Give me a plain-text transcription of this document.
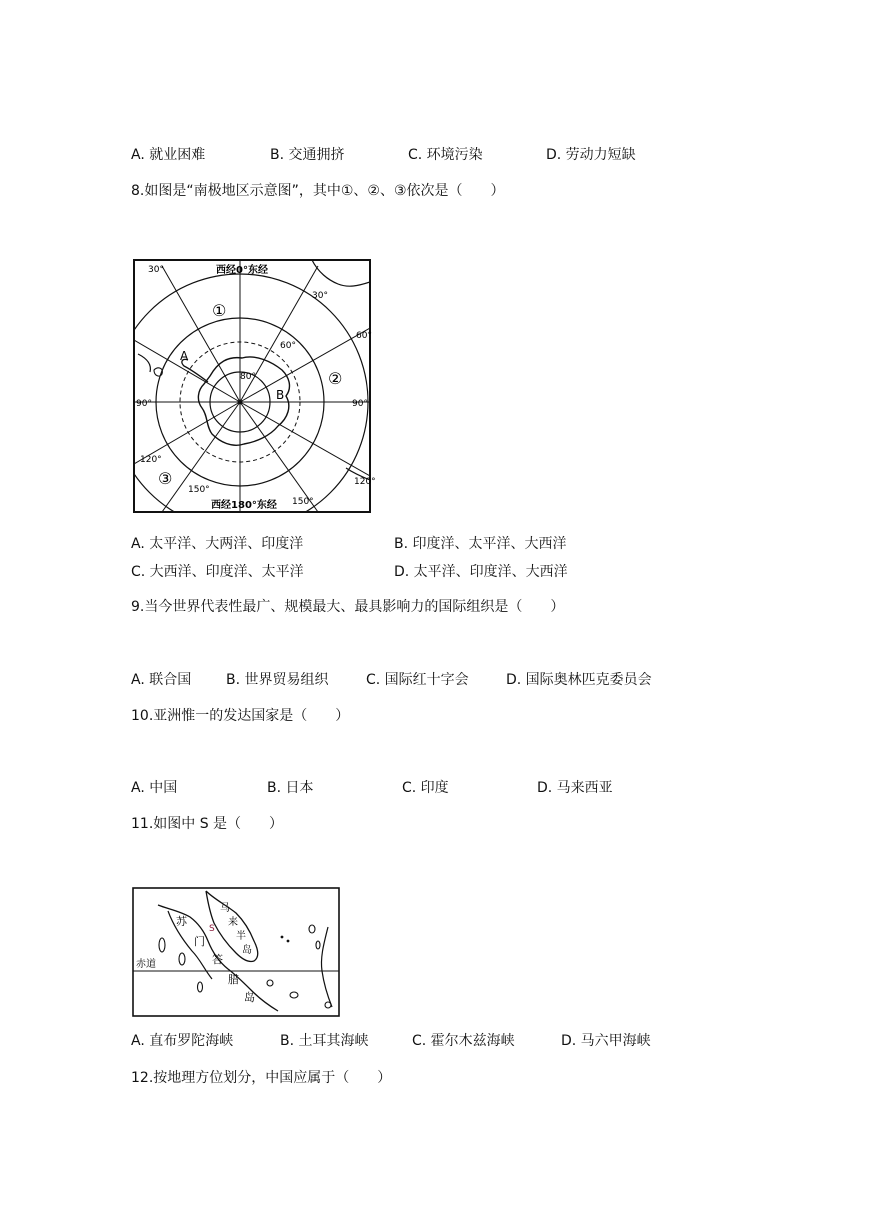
A. 就业困难	B. 交通拥挤	C. 环境污染	D. 劳动力短缺
8.如图是“南极地区示意图”，其中①、②、③依次是（　　）
西经0°东经
西经180°东经
①
②
③
A
B
80°
60°
30°
30°
60°
90°	90°
120°
120°
150°
150°
A. 太平洋、大两洋、印度洋	B. 印度洋、太平洋、大西洋
C. 大西洋、印度洋、太平洋	D. 太平洋、印度洋、大西洋
9.当今世界代表性最广、规模最大、最具影响力的国际组织是（　　）
A. 联合国 B. 世界贸易组织	C. 国际红十字会	D. 国际奥林匹克委员会
10.亚洲惟一的发达国家是（　　）
A. 中国	B. 日本	C. 印度	D. 马来西亚
11.如图中 S 是（　　）
赤道
S
苏
门
答
腊
岛
马
来
半
岛
A. 直布罗陀海峡	B. 土耳其海峡	C. 霍尔木兹海峡	D. 马六甲海峡
12.按地理方位划分，中国应属于（　　）
